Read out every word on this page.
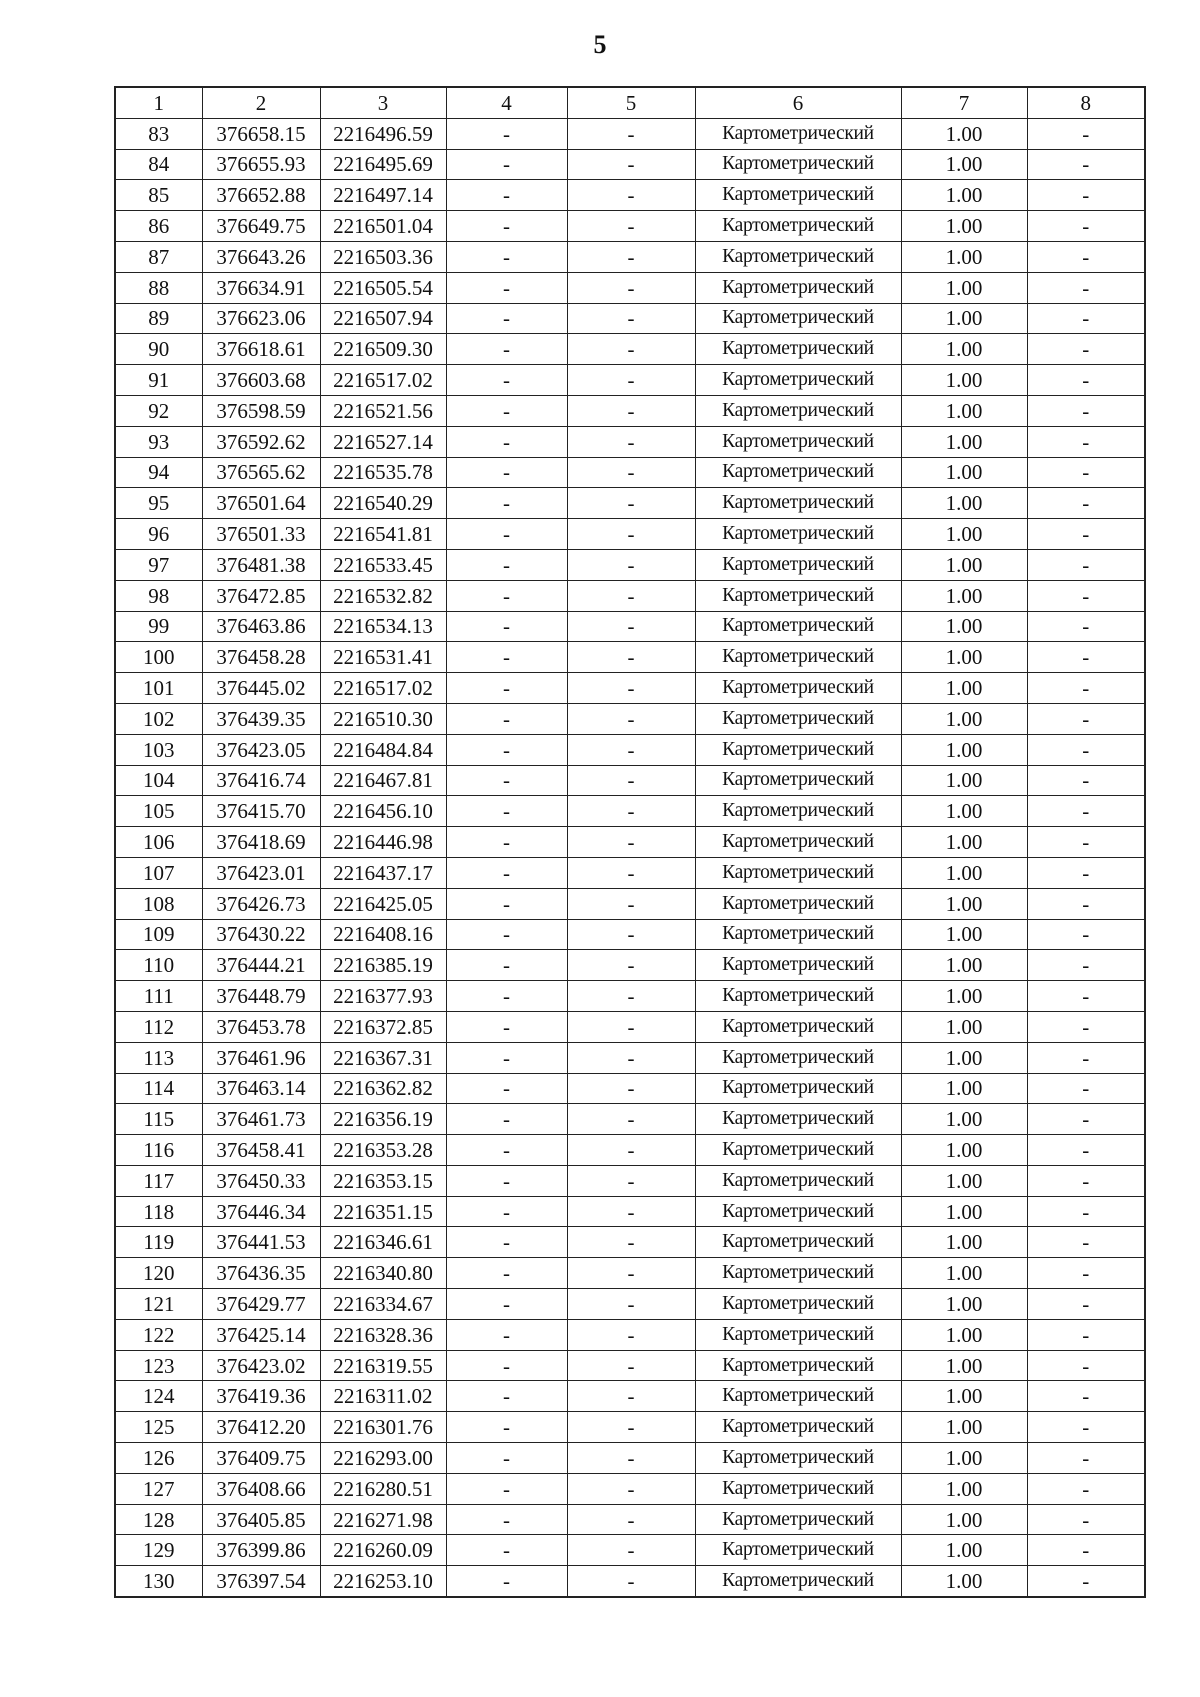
5
1	2	3	4	5	6	7	8
83	376658.15	2216496.59	-	-	Картометрический	1.00	-
84	376655.93	2216495.69	-	-	Картометрический	1.00	-
85	376652.88	2216497.14	-	-	Картометрический	1.00	-
86	376649.75	2216501.04	-	-	Картометрический	1.00	-
87	376643.26	2216503.36	-	-	Картометрический	1.00	-
88	376634.91	2216505.54	-	-	Картометрический	1.00	-
89	376623.06	2216507.94	-	-	Картометрический	1.00	-
90	376618.61	2216509.30	-	-	Картометрический	1.00	-
91	376603.68	2216517.02	-	-	Картометрический	1.00	-
92	376598.59	2216521.56	-	-	Картометрический	1.00	-
93	376592.62	2216527.14	-	-	Картометрический	1.00	-
94	376565.62	2216535.78	-	-	Картометрический	1.00	-
95	376501.64	2216540.29	-	-	Картометрический	1.00	-
96	376501.33	2216541.81	-	-	Картометрический	1.00	-
97	376481.38	2216533.45	-	-	Картометрический	1.00	-
98	376472.85	2216532.82	-	-	Картометрический	1.00	-
99	376463.86	2216534.13	-	-	Картометрический	1.00	-
100	376458.28	2216531.41	-	-	Картометрический	1.00	-
101	376445.02	2216517.02	-	-	Картометрический	1.00	-
102	376439.35	2216510.30	-	-	Картометрический	1.00	-
103	376423.05	2216484.84	-	-	Картометрический	1.00	-
104	376416.74	2216467.81	-	-	Картометрический	1.00	-
105	376415.70	2216456.10	-	-	Картометрический	1.00	-
106	376418.69	2216446.98	-	-	Картометрический	1.00	-
107	376423.01	2216437.17	-	-	Картометрический	1.00	-
108	376426.73	2216425.05	-	-	Картометрический	1.00	-
109	376430.22	2216408.16	-	-	Картометрический	1.00	-
110	376444.21	2216385.19	-	-	Картометрический	1.00	-
111	376448.79	2216377.93	-	-	Картометрический	1.00	-
112	376453.78	2216372.85	-	-	Картометрический	1.00	-
113	376461.96	2216367.31	-	-	Картометрический	1.00	-
114	376463.14	2216362.82	-	-	Картометрический	1.00	-
115	376461.73	2216356.19	-	-	Картометрический	1.00	-
116	376458.41	2216353.28	-	-	Картометрический	1.00	-
117	376450.33	2216353.15	-	-	Картометрический	1.00	-
118	376446.34	2216351.15	-	-	Картометрический	1.00	-
119	376441.53	2216346.61	-	-	Картометрический	1.00	-
120	376436.35	2216340.80	-	-	Картометрический	1.00	-
121	376429.77	2216334.67	-	-	Картометрический	1.00	-
122	376425.14	2216328.36	-	-	Картометрический	1.00	-
123	376423.02	2216319.55	-	-	Картометрический	1.00	-
124	376419.36	2216311.02	-	-	Картометрический	1.00	-
125	376412.20	2216301.76	-	-	Картометрический	1.00	-
126	376409.75	2216293.00	-	-	Картометрический	1.00	-
127	376408.66	2216280.51	-	-	Картометрический	1.00	-
128	376405.85	2216271.98	-	-	Картометрический	1.00	-
129	376399.86	2216260.09	-	-	Картометрический	1.00	-
130	376397.54	2216253.10	-	-	Картометрический	1.00	-
